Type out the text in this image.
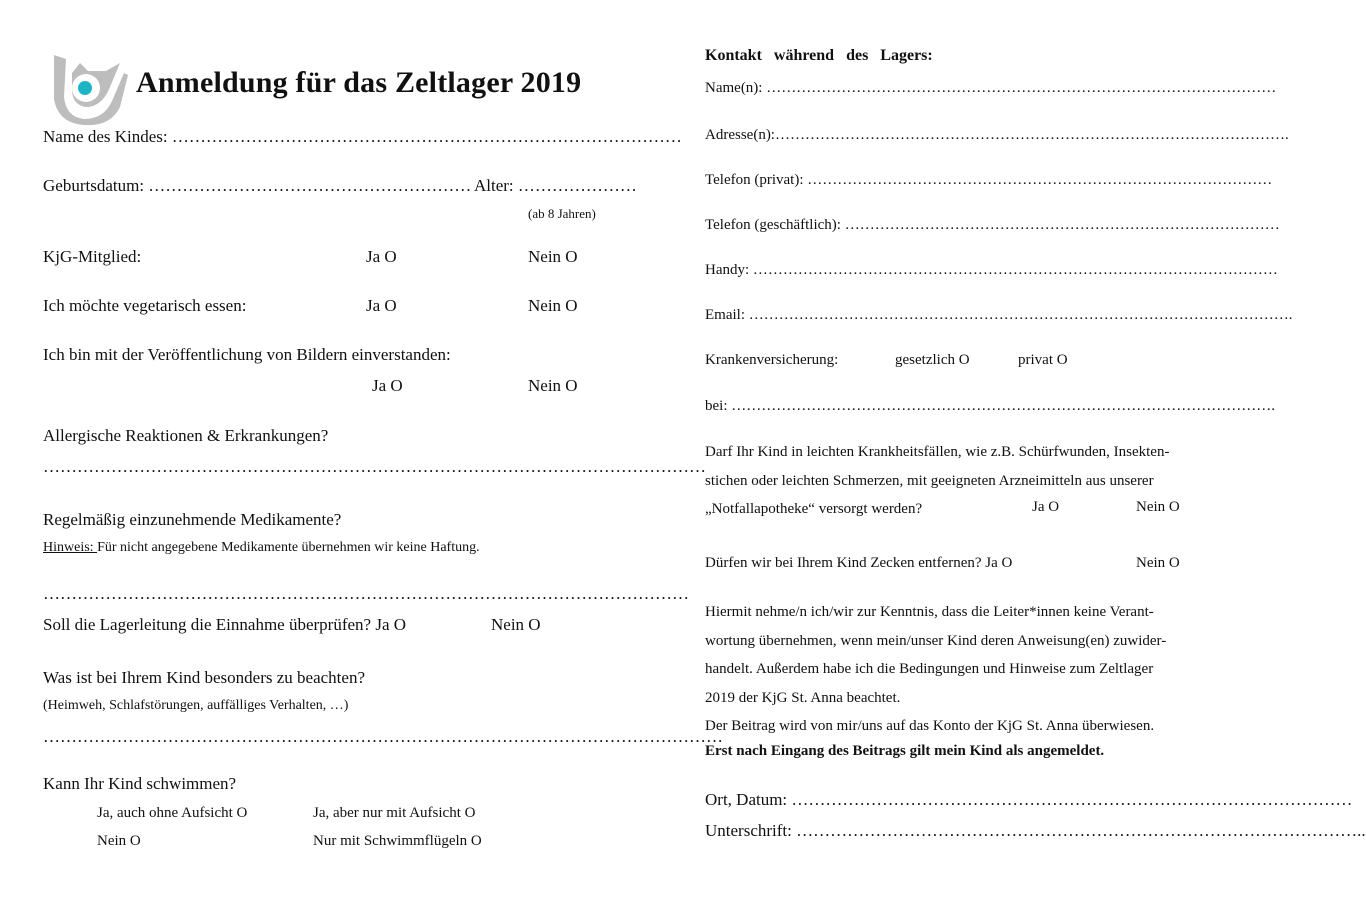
Anmeldung für das Zeltlager 2019
Name des Kindes: ………………………………………………………………………………
Geburtsdatum: ………………………………………………… Alter: …………………
(ab 8 Jahren)
KjG-Mitglied:	Ja O	Nein O
Ich möchte vegetarisch essen:	Ja O	Nein O
Ich bin mit der Veröffentlichung von Bildern einverstanden:
Ja O	Nein O
Allergische Reaktionen & Erkrankungen?
………………………………………………………………………………………………………
Regelmäßig einzunehmende Medikamente?
Hinweis: Für nicht angegebene Medikamente übernehmen wir keine Haftung.
……………………………………………………………………………………………………
Soll die Lagerleitung die Einnahme überprüfen? Ja O	Nein O
Was ist bei Ihrem Kind besonders zu beachten?
(Heimweh, Schlafstörungen, auffälliges Verhalten, …)
…………………………………………………………………………………………………………
Kann Ihr Kind schwimmen?
Ja, auch ohne Aufsicht O	Ja, aber nur mit Aufsicht O
Nein O	Nur mit Schwimmflügeln O
Kontakt   während   des   Lagers:
Name(n): …………………………………………………………………………………………
Adresse(n):………………………………………………………………………………………….
Telefon (privat): …………………………………………………………………………………
Telefon (geschäftlich): ……………………………………………………………………………
Handy: ……………………………………………………………………………………………
Email: ……………………………………………………………………………………………….
Krankenversicherung:	gesetzlich O	privat O
bei: ……………………………………………………………………………………………….
Darf Ihr Kind in leichten Krankheitsfällen, wie z.B. Schürfwunden, Insekten-
stichen oder leichten Schmerzen, mit geeigneten Arzneimitteln aus unserer
„Notfallapotheke“ versorgt werden?	Ja O	Nein O
Dürfen wir bei Ihrem Kind Zecken entfernen? Ja O	Nein O
Hiermit nehme/n ich/wir zur Kenntnis, dass die Leiter*innen keine Verant-
wortung übernehmen, wenn mein/unser Kind deren Anweisung(en) zuwider-
handelt. Außerdem habe ich die Bedingungen und Hinweise zum Zeltlager
2019 der KjG St. Anna beachtet.
Der Beitrag wird von mir/uns auf das Konto der KjG St. Anna überwiesen.
Erst nach Eingang des Beitrags gilt mein Kind als angemeldet.
Ort, Datum: ………………………………………………………………………………………
Unterschrift: ………………………………………………………………………………………..
